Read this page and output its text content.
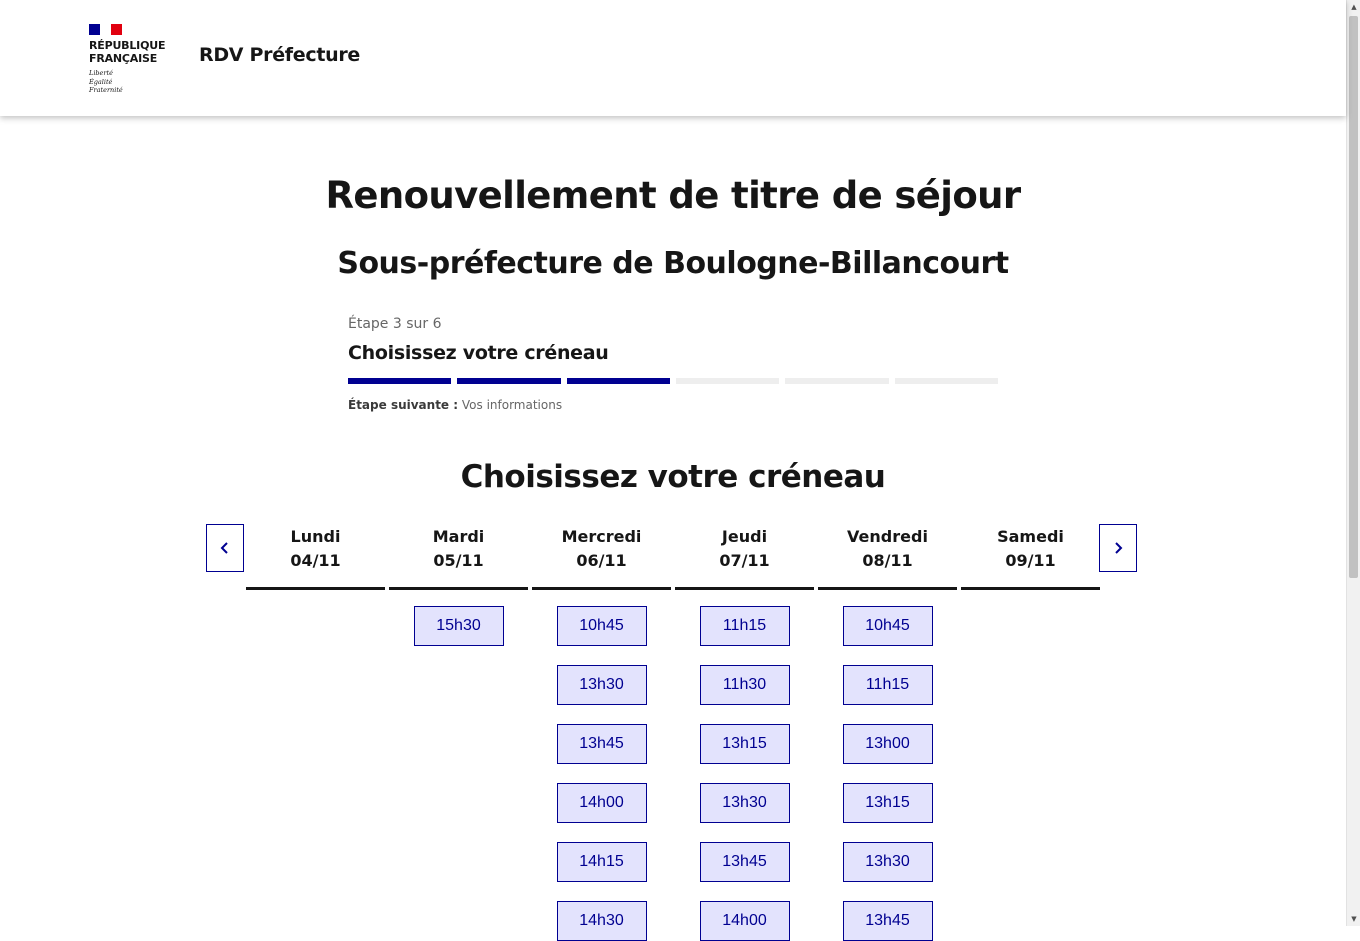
RÉPUBLIQUE
FRANÇAISE
Liberté
Égalité
Fraternité
RDV Préfecture
Renouvellement de titre de séjour
Sous-préfecture de Boulogne-Billancourt
Étape 3 sur 6
Choisissez votre créneau
Étape suivante : Vos informations
Choisissez votre créneau
Lundi
04/11
Mardi
05/11
15h30
Mercredi
06/11
10h45
13h30
13h45
14h00
14h15
14h30
Jeudi
07/11
11h15
11h30
13h15
13h30
13h45
14h00
Vendredi
08/11
10h45
11h15
13h00
13h15
13h30
13h45
Samedi
09/11
▲
▼
